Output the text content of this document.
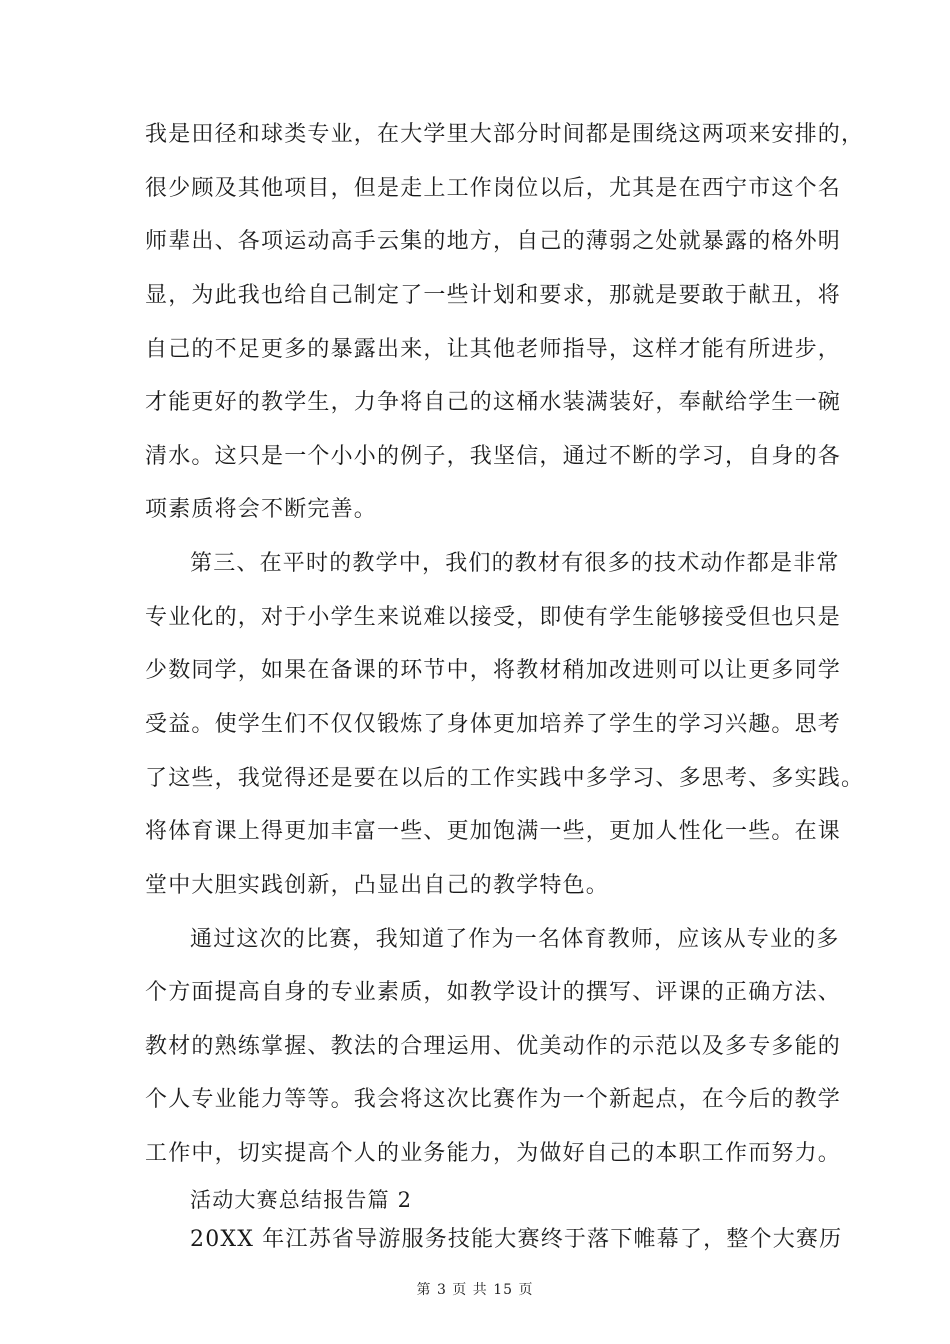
我是田径和球类专业，在大学里大部分时间都是围绕这两项来安排的，
很少顾及其他项目，但是走上工作岗位以后，尤其是在西宁市这个名
师辈出、各项运动高手云集的地方，自己的薄弱之处就暴露的格外明
显，为此我也给自己制定了一些计划和要求，那就是要敢于献丑，将
自己的不足更多的暴露出来，让其他老师指导，这样才能有所进步，
才能更好的教学生，力争将自己的这桶水装满装好，奉献给学生一碗
清水。这只是一个小小的例子，我坚信，通过不断的学习，自身的各
项素质将会不断完善。
第三、在平时的教学中，我们的教材有很多的技术动作都是非常
专业化的，对于小学生来说难以接受，即使有学生能够接受但也只是
少数同学，如果在备课的环节中，将教材稍加改进则可以让更多同学
受益。使学生们不仅仅锻炼了身体更加培养了学生的学习兴趣。思考
了这些，我觉得还是要在以后的工作实践中多学习、多思考、多实践。
将体育课上得更加丰富一些、更加饱满一些，更加人性化一些。在课
堂中大胆实践创新，凸显出自己的教学特色。
通过这次的比赛，我知道了作为一名体育教师，应该从专业的多
个方面提高自身的专业素质，如教学设计的撰写、评课的正确方法、
教材的熟练掌握、教法的合理运用、优美动作的示范以及多专多能的
个人专业能力等等。我会将这次比赛作为一个新起点，在今后的教学
工作中，切实提高个人的业务能力，为做好自己的本职工作而努力。
活动大赛总结报告篇 2
20XX 年江苏省导游服务技能大赛终于落下帷幕了，整个大赛历
第 3 页 共 15 页
